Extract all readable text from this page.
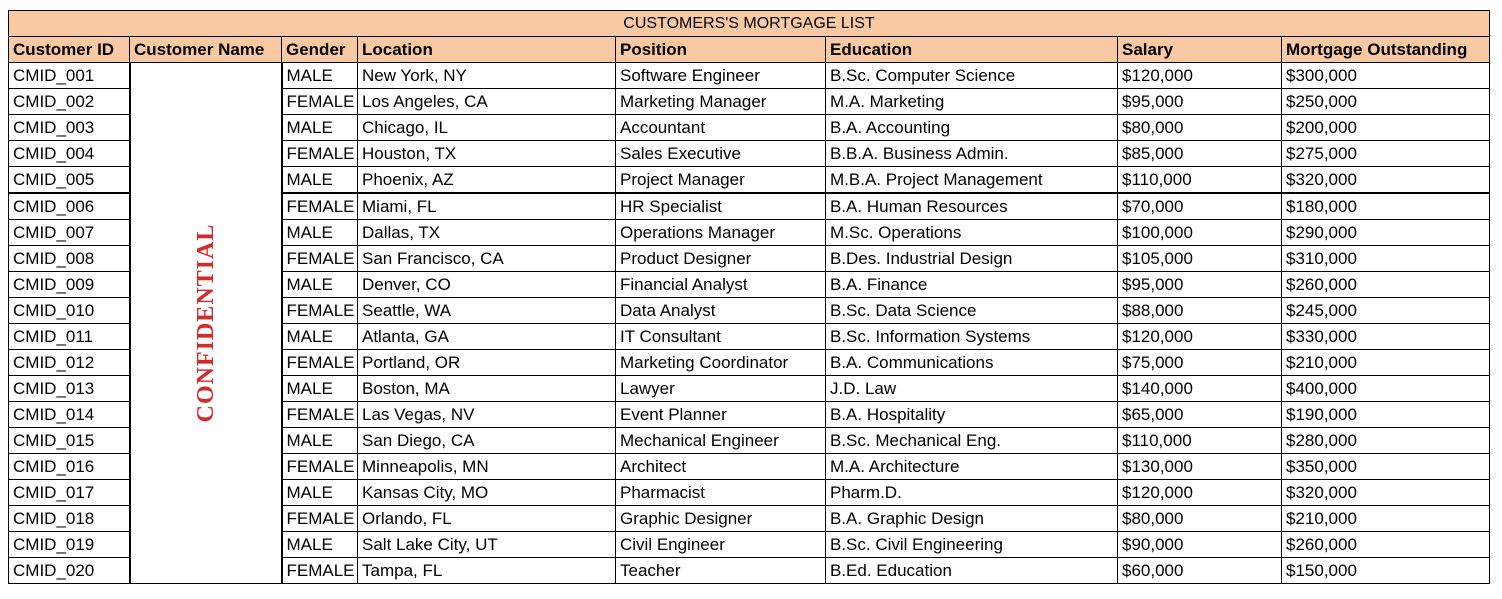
CUSTOMERS'S MORTGAGE LIST							
Customer ID	Customer Name	Gender	Location	Position	Education	Salary	Mortgage Outstanding
CMID_001	CONFIDENTIAL	MALE	New York, NY	Software Engineer	B.Sc. Computer Science	$120,000	$300,000
CMID_002		FEMALE	Los Angeles, CA	Marketing Manager	M.A. Marketing	$95,000	$250,000
CMID_003		MALE	Chicago, IL	Accountant	B.A. Accounting	$80,000	$200,000
CMID_004		FEMALE	Houston, TX	Sales Executive	B.B.A. Business Admin.	$85,000	$275,000
CMID_005		MALE	Phoenix, AZ	Project Manager	M.B.A. Project Management	$110,000	$320,000
CMID_006		FEMALE	Miami, FL	HR Specialist	B.A. Human Resources	$70,000	$180,000
CMID_007		MALE	Dallas, TX	Operations Manager	M.Sc. Operations	$100,000	$290,000
CMID_008		FEMALE	San Francisco, CA	Product Designer	B.Des. Industrial Design	$105,000	$310,000
CMID_009		MALE	Denver, CO	Financial Analyst	B.A. Finance	$95,000	$260,000
CMID_010		FEMALE	Seattle, WA	Data Analyst	B.Sc. Data Science	$88,000	$245,000
CMID_011		MALE	Atlanta, GA	IT Consultant	B.Sc. Information Systems	$120,000	$330,000
CMID_012		FEMALE	Portland, OR	Marketing Coordinator	B.A. Communications	$75,000	$210,000
CMID_013		MALE	Boston, MA	Lawyer	J.D. Law	$140,000	$400,000
CMID_014		FEMALE	Las Vegas, NV	Event Planner	B.A. Hospitality	$65,000	$190,000
CMID_015		MALE	San Diego, CA	Mechanical Engineer	B.Sc. Mechanical Eng.	$110,000	$280,000
CMID_016		FEMALE	Minneapolis, MN	Architect	M.A. Architecture	$130,000	$350,000
CMID_017		MALE	Kansas City, MO	Pharmacist	Pharm.D.	$120,000	$320,000
CMID_018		FEMALE	Orlando, FL	Graphic Designer	B.A. Graphic Design	$80,000	$210,000
CMID_019		MALE	Salt Lake City, UT	Civil Engineer	B.Sc. Civil Engineering	$90,000	$260,000
CMID_020		FEMALE	Tampa, FL	Teacher	B.Ed. Education	$60,000	$150,000
